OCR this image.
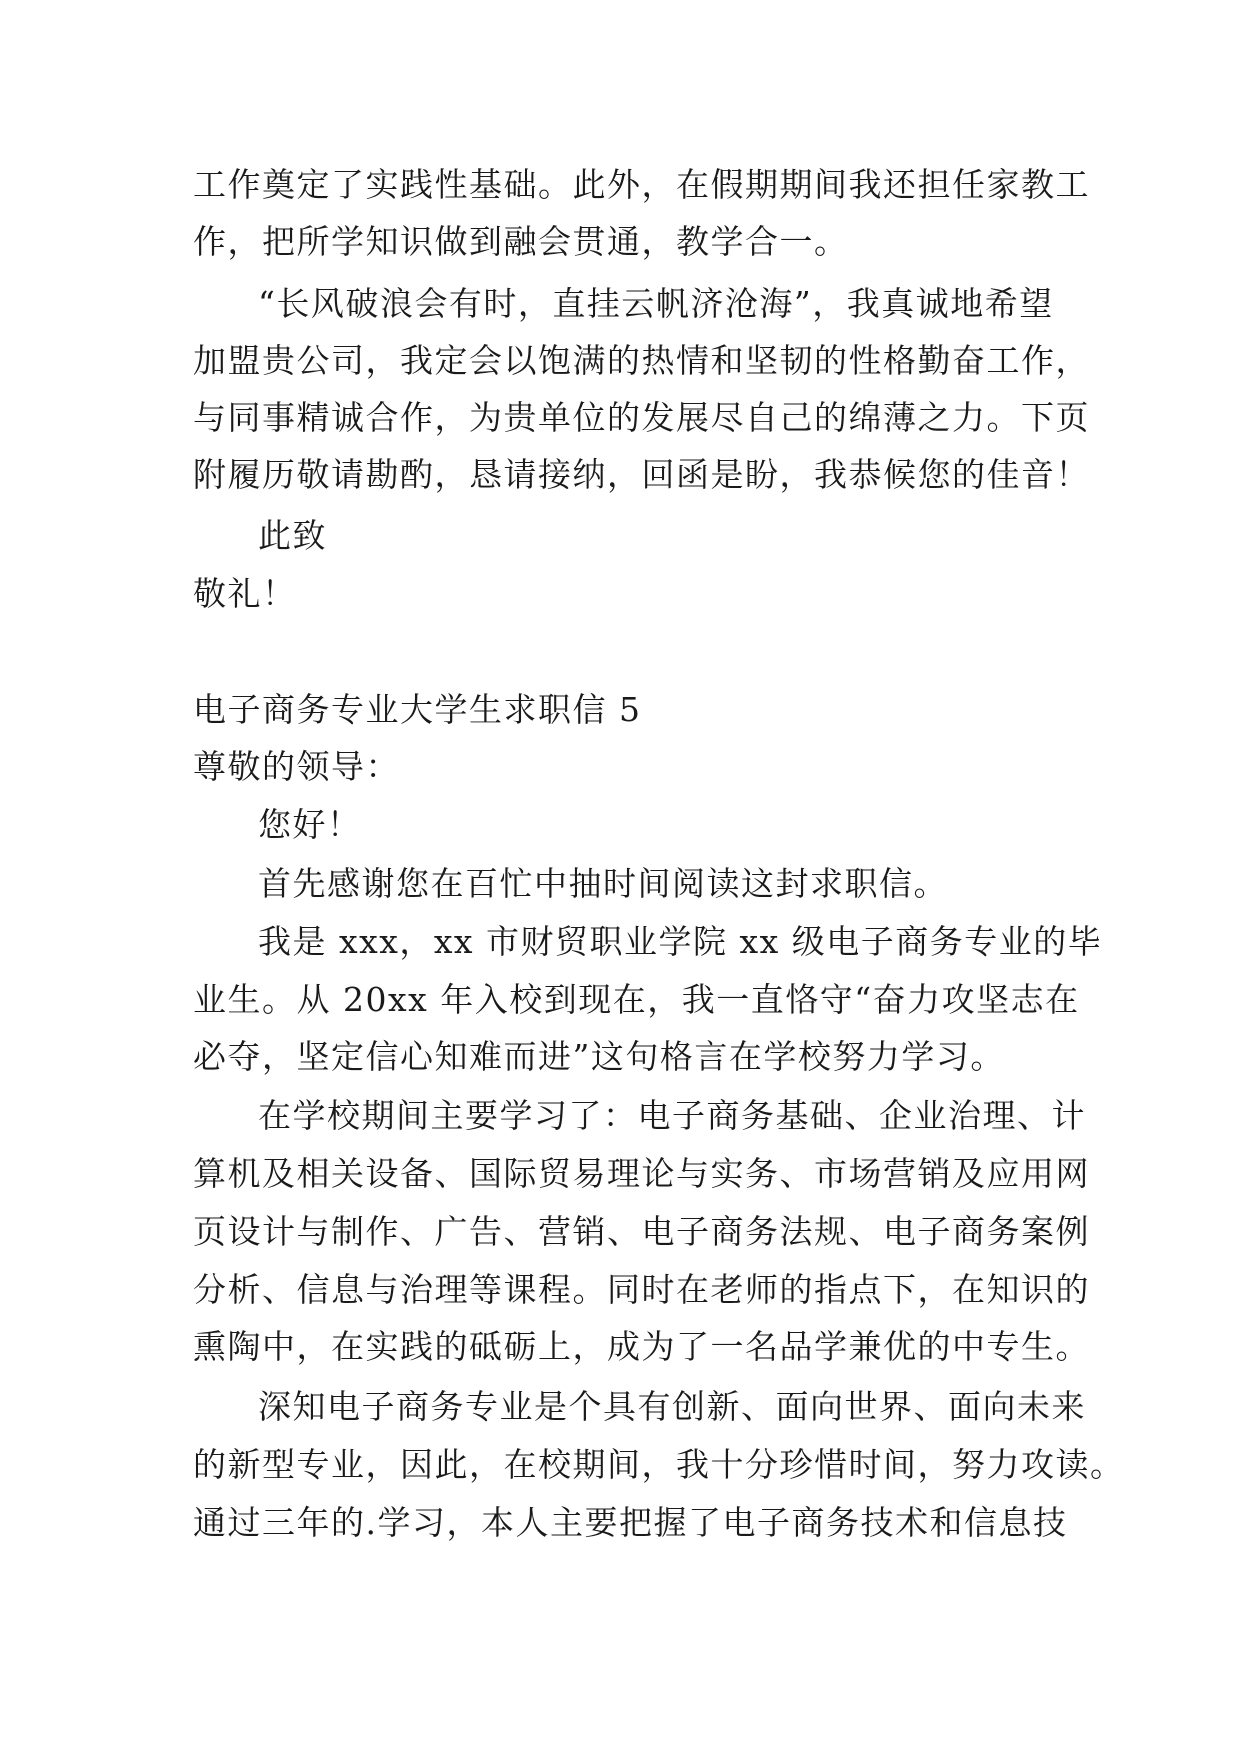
工作奠定了实践性基础。此外，在假期期间我还担任家教工
作，把所学知识做到融会贯通，教学合一。
“长风破浪会有时，直挂云帆济沧海”，我真诚地希望
加盟贵公司，我定会以饱满的热情和坚韧的性格勤奋工作，
与同事精诚合作，为贵单位的发展尽自己的绵薄之力。下页
附履历敬请勘酌，恳请接纳，回函是盼，我恭候您的佳音！
此致
敬礼！
电子商务专业大学生求职信 5
尊敬的领导：
您好！
首先感谢您在百忙中抽时间阅读这封求职信。
我是 xxx，xx 市财贸职业学院 xx 级电子商务专业的毕
业生。从 20xx 年入校到现在，我一直恪守“奋力攻坚志在
必夺，坚定信心知难而进”这句格言在学校努力学习。
在学校期间主要学习了：电子商务基础、企业治理、计
算机及相关设备、国际贸易理论与实务、市场营销及应用网
页设计与制作、广告、营销、电子商务法规、电子商务案例
分析、信息与治理等课程。同时在老师的指点下，在知识的
熏陶中，在实践的砥砺上，成为了一名品学兼优的中专生。
深知电子商务专业是个具有创新、面向世界、面向未来
的新型专业，因此，在校期间，我十分珍惜时间，努力攻读。
通过三年的.学习，本人主要把握了电子商务技术和信息技
